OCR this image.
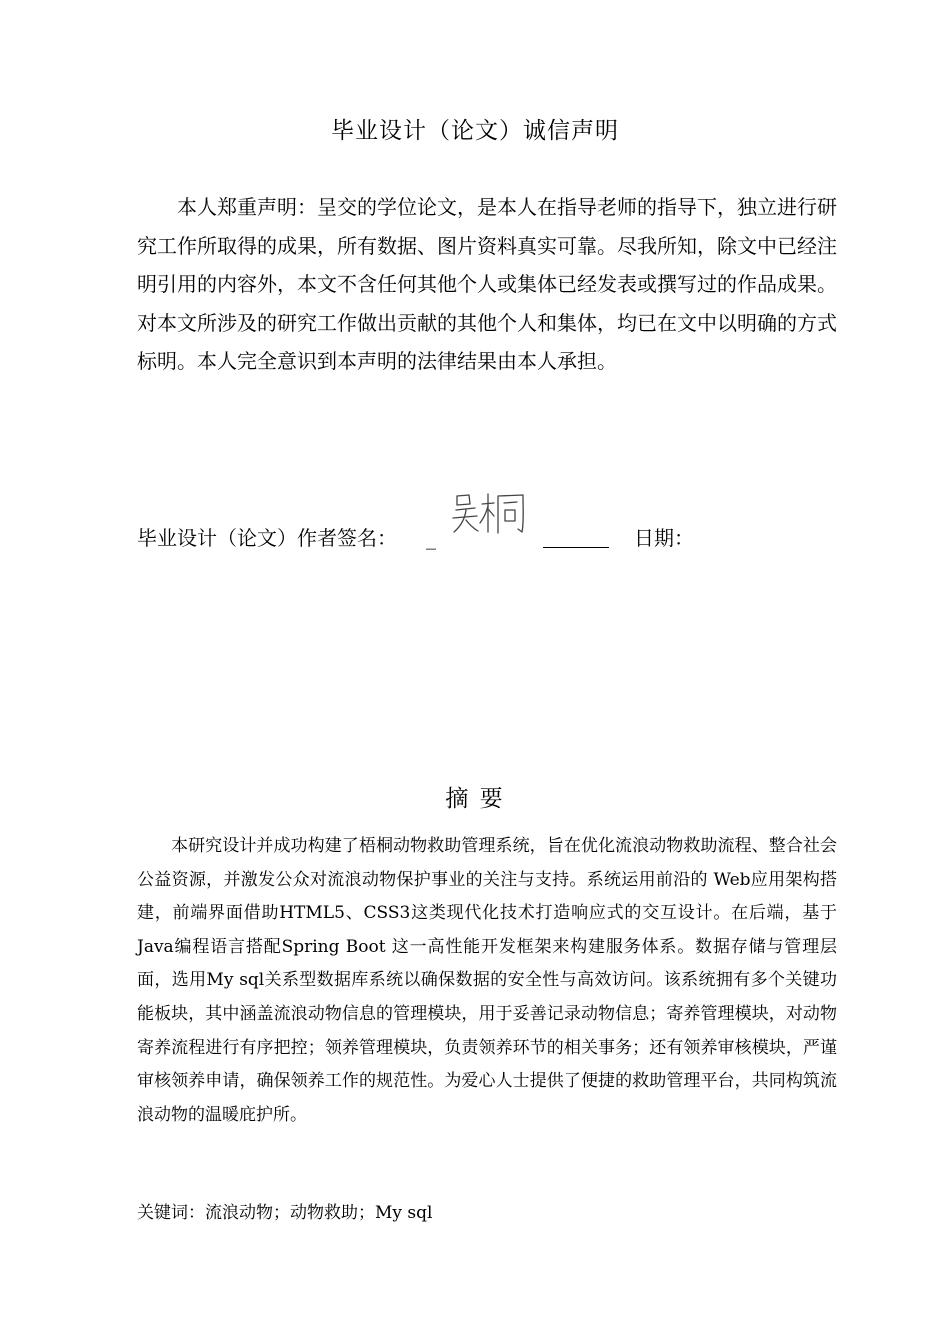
毕业设计（论文）诚信声明

本人郑重声明：呈交的学位论文，是本人在指导老师的指导下，独立进行研究工作所取得的成果，所有数据、图片资料真实可靠。尽我所知，除文中已经注明引用的内容外，本文不含任何其他个人或集体已经发表或撰写过的作品成果。对本文所涉及的研究工作做出贡献的其他个人和集体，均已在文中以明确的方式标明。本人完全意识到本声明的法律结果由本人承担。

毕业设计（论文）作者签名： _	日期：
摘 要

本研究设计并成功构建了梧桐动物救助管理系统，旨在优化流浪动物救助流程、整合社会公益资源，并激发公众对流浪动物保护事业的关注与支持。系统运用前沿的 Web应用架构搭建，前端界面借助HTML5、CSS3这类现代化技术打造响应式的交互设计。在后端，基于Java编程语言搭配Spring Boot 这一高性能开发框架来构建服务体系。数据存储与管理层面，选用My sql关系型数据库系统以确保数据的安全性与高效访问。该系统拥有多个关键功能板块，其中涵盖流浪动物信息的管理模块，用于妥善记录动物信息；寄养管理模块，对动物寄养流程进行有序把控；领养管理模块，负责领养环节的相关事务；还有领养审核模块，严谨审核领养申请，确保领养工作的规范性。为爱心人士提供了便捷的救助管理平台，共同构筑流浪动物的温暖庇护所。

关键词：流浪动物；动物救助；My sql
